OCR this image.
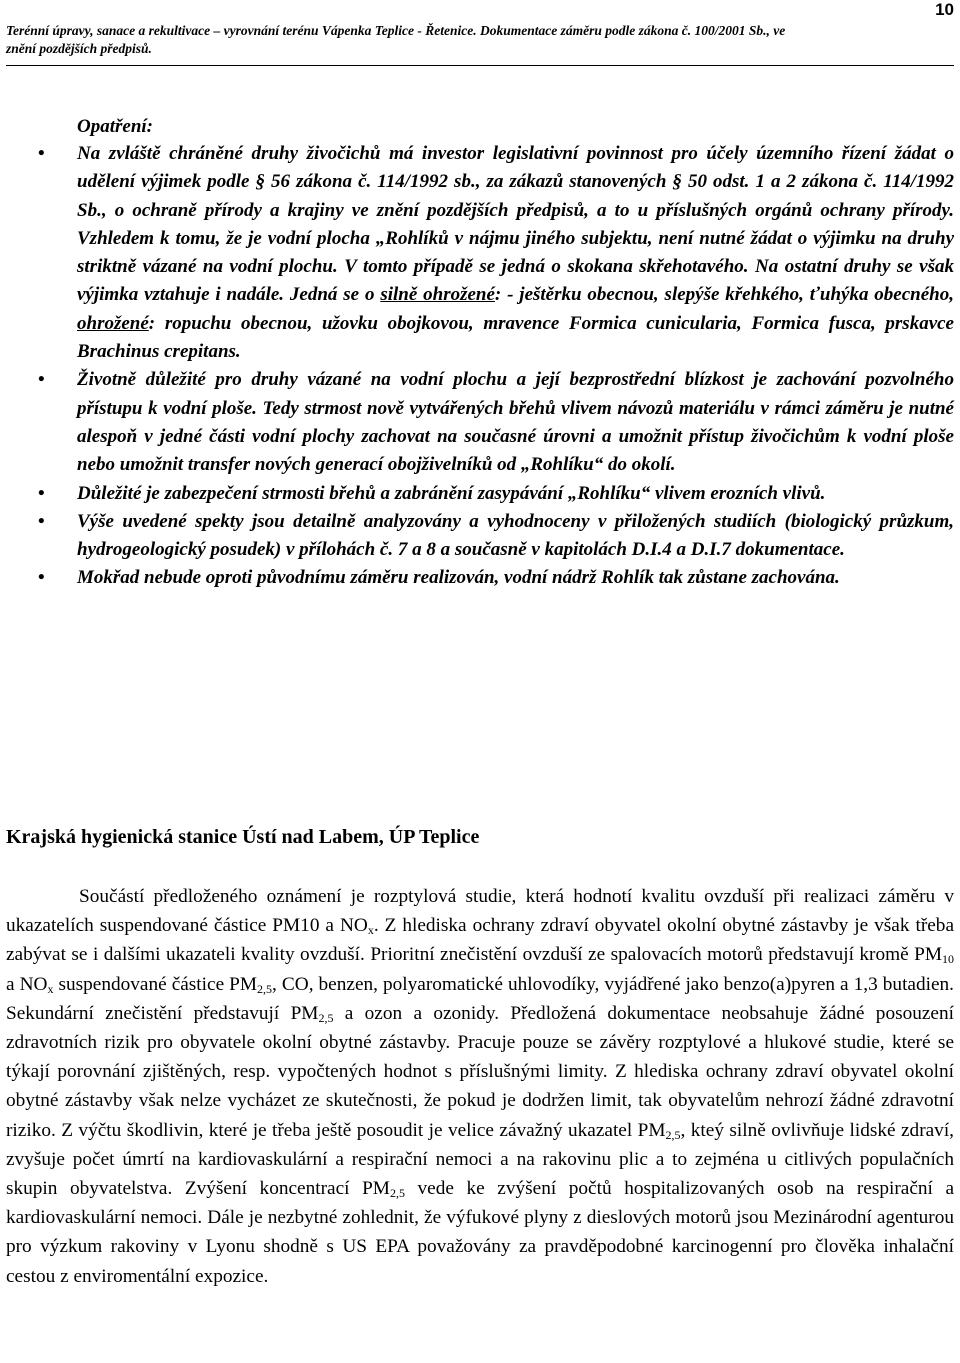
10
Terénní úpravy, sanace a rekultivace – vyrovnání terénu Vápenka Teplice - Řetenice. Dokumentace záměru podle zákona č. 100/2001 Sb., ve
znění pozdějších předpisů.
Opatření:
• Na zvláště chráněné druhy živočichů má investor legislativní povinnost pro účely územního řízení žádat o udělení výjimek podle § 56 zákona č. 114/1992 sb., za zákazů stanovených § 50 odst. 1 a 2 zákona č. 114/1992 Sb., o ochraně přírody a krajiny ve znění pozdějších předpisů, a to u příslušných orgánů ochrany přírody. Vzhledem k tomu, že je vodní plocha „Rohlíků v nájmu jiného subjektu, není nutné žádat o výjimku na druhy striktně vázané na vodní plochu. V tomto případě se jedná o skokana skřehotavého. Na ostatní druhy se však výjimka vztahuje i nadále. Jedná se o silně ohrožené: - ještěrku obecnou, slepýše křehkého, ťuhýka obecného, ohrožené: ropuchu obecnou, užovku obojkovou, mravence Formica cunicularia, Formica fusca, prskavce Brachinus crepitans.
• Životně důležité pro druhy vázané na vodní plochu a její bezprostřední blízkost je zachování pozvolného přístupu k vodní ploše. Tedy strmost nově vytvářených břehů vlivem návozů materiálu v rámci záměru je nutné alespoň v jedné části vodní plochy zachovat na současné úrovni a umožnit přístup živočichům k vodní ploše nebo umožnit transfer nových generací obojživelníků od „Rohlíku“ do okolí.
• Důležité je zabezpečení strmosti břehů a zabránění zasypávání „Rohlíku“ vlivem erozních vlivů.
• Výše uvedené spekty jsou detailně analyzovány a vyhodnoceny v přiložených studiích (biologický průzkum, hydrogeologický posudek) v přílohách č. 7 a 8 a současně v kapitolách D.I.4 a D.I.7 dokumentace.
• Mokřad nebude oproti původnímu záměru realizován, vodní nádrž Rohlík tak zůstane zachována.
Krajská hygienická stanice Ústí nad Labem, ÚP Teplice
Součástí předloženého oznámení je rozptylová studie, která hodnotí kvalitu ovzduší při realizaci záměru v ukazatelích suspendované částice PM10 a $NO_x$. Z hlediska ochrany zdraví obyvatel okolní obytné zástavby je však třeba zabývat se i dalšími ukazateli kvality ovzduší. Prioritní znečistění ovzduší ze spalovacích motorů představují kromě $PM_{10}$ a $NO_x$ suspendované částice $PM_{2,5}$, CO, benzen, polyaromatické uhlovodíky, vyjádřené jako benzo(a)pyren a 1,3 butadien. Sekundární znečistění představují $PM_{2,5}$ a ozon a ozonidy. Předložená dokumentace neobsahuje žádné posouzení zdravotních rizik pro obyvatele okolní obytné zástavby. Pracuje pouze se závěry rozptylové a hlukové studie, které se týkají porovnání zjištěných, resp. vypočtených hodnot s příslušnými limity. Z hlediska ochrany zdraví obyvatel okolní obytné zástavby však nelze vycházet ze skutečnosti, že pokud je dodržen limit, tak obyvatelům nehrozí žádné zdravotní riziko. Z výčtu škodlivin, které je třeba ještě posoudit je velice závažný ukazatel $PM_{2,5}$, kteý silně ovlivňuje lidské zdraví, zvyšuje počet úmrtí na kardiovaskulární a respirační nemoci a na rakovinu plic a to zejména u citlivých populačních skupin obyvatelstva. Zvýšení koncentrací $PM_{2,5}$ vede ke zvýšení počtů hospitalizovaných osob na respirační a kardiovaskulární nemoci. Dále je nezbytné zohlednit, že výfukové plyny z dieslových motorů jsou Mezinárodní agenturou pro výzkum rakoviny v Lyonu shodně s US EPA považovány za pravděpodobné karcinogenní pro člověka inhalační cestou z enviromentální expozice.
